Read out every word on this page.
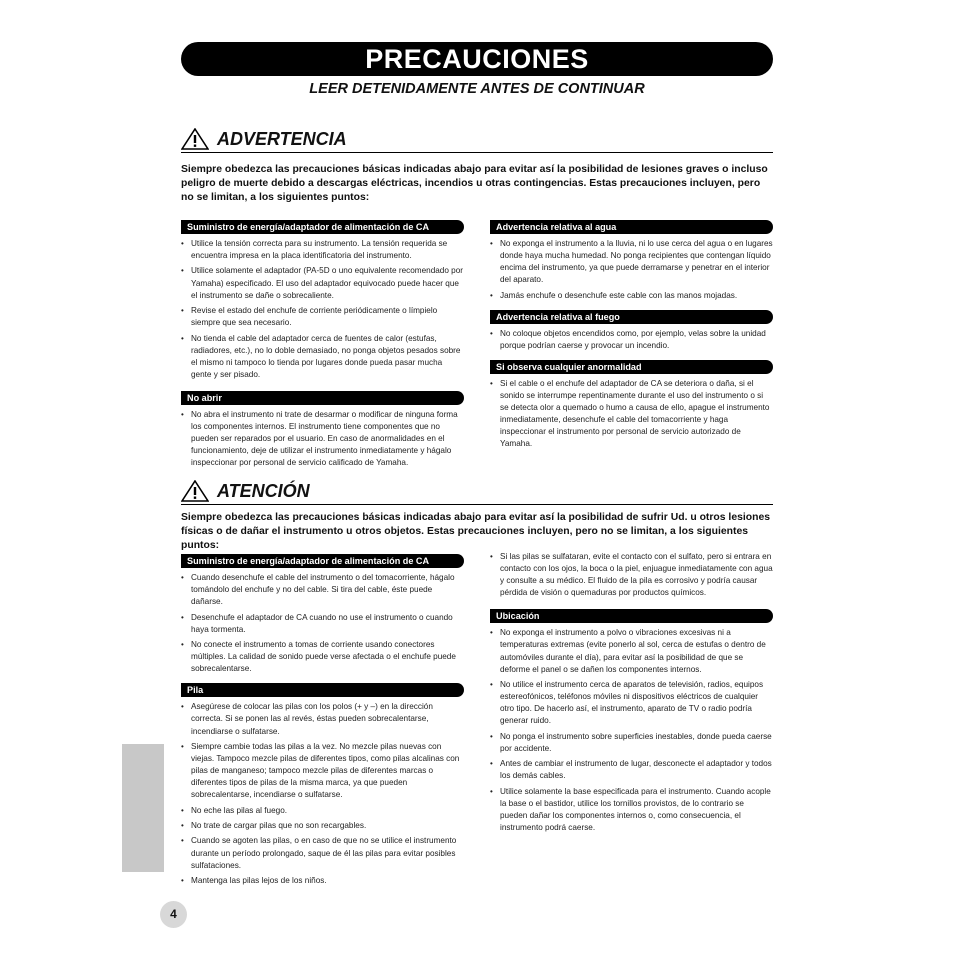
PRECAUCIONES
LEER DETENIDAMENTE ANTES DE CONTINUAR
ADVERTENCIA
Siempre obedezca las precauciones básicas indicadas abajo para evitar así la posibilidad de lesiones graves o incluso peligro de muerte debido a descargas eléctricas, incendios u otras contingencias. Estas precauciones incluyen, pero no se limitan, a los siguientes puntos:
Suministro de energía/adaptador de alimentación de CA
• Utilice la tensión correcta para su instrumento. La tensión requerida se encuentra impresa en la placa identificatoria del instrumento.
• Utilice solamente el adaptador (PA-5D o uno equivalente recomendado por Yamaha) especificado. El uso del adaptador equivocado puede hacer que el instrumento se dañe o sobrecaliente.
• Revise el estado del enchufe de corriente periódicamente o límpielo siempre que sea necesario.
• No tienda el cable del adaptador cerca de fuentes de calor (estufas, radiadores, etc.), no lo doble demasiado, no ponga objetos pesados sobre el mismo ni tampoco lo tienda por lugares donde pueda pasar mucha gente y ser pisado.
No abrir
• No abra el instrumento ni trate de desarmar o modificar de ninguna forma los componentes internos. El instrumento tiene componentes que no pueden ser reparados por el usuario. En caso de anormalidades en el funcionamiento, deje de utilizar el instrumento inmediatamente y hágalo inspeccionar por personal de servicio calificado de Yamaha.
Advertencia relativa al agua
• No exponga el instrumento a la lluvia, ni lo use cerca del agua o en lugares donde haya mucha humedad. No ponga recipientes que contengan líquido encima del instrumento, ya que puede derramarse y penetrar en el interior del aparato.
• Jamás enchufe o desenchufe este cable con las manos mojadas.
Advertencia relativa al fuego
• No coloque objetos encendidos como, por ejemplo, velas sobre la unidad porque podrían caerse y provocar un incendio.
Si observa cualquier anormalidad
• Si el cable o el enchufe del adaptador de CA se deteriora o daña, si el sonido se interrumpe repentinamente durante el uso del instrumento o si se detecta olor a quemado o humo a causa de ello, apague el instrumento inmediatamente, desenchufe el cable del tomacorriente y haga inspeccionar el instrumento por personal de servicio autorizado de Yamaha.
ATENCIÓN
Siempre obedezca las precauciones básicas indicadas abajo para evitar así la posibilidad de sufrir Ud. u otros lesiones físicas o de dañar el instrumento u otros objetos. Estas precauciones incluyen, pero no se limitan, a los siguientes puntos:
Suministro de energía/adaptador de alimentación de CA
• Cuando desenchufe el cable del instrumento o del tomacorriente, hágalo tomándolo del enchufe y no del cable. Si tira del cable, éste puede dañarse.
• Desenchufe el adaptador de CA cuando no use el instrumento o cuando haya tormenta.
• No conecte el instrumento a tomas de corriente usando conectores múltiples. La calidad de sonido puede verse afectada o el enchufe puede sobrecalentarse.
Pila
• Asegúrese de colocar las pilas con los polos (+ y –) en la dirección correcta. Si se ponen las al revés, éstas pueden sobrecalentarse, incendiarse o sulfatarse.
• Siempre cambie todas las pilas a la vez. No mezcle pilas nuevas con viejas. Tampoco mezcle pilas de diferentes tipos, como pilas alcalinas con pilas de manganeso; tampoco mezcle pilas de diferentes marcas o diferentes tipos de pilas de la misma marca, ya que pueden sobrecalentarse, incendiarse o sulfatarse.
• No eche las pilas al fuego.
• No trate de cargar pilas que no son recargables.
• Cuando se agoten las pilas, o en caso de que no se utilice el instrumento durante un período prolongado, saque de él las pilas para evitar posibles sulfataciones.
• Mantenga las pilas lejos de los niños.
• Si las pilas se sulfataran, evite el contacto con el sulfato, pero si entrara en contacto con los ojos, la boca o la piel, enjuague inmediatamente con agua y consulte a su médico. El fluido de la pila es corrosivo y podría causar pérdida de visión o quemaduras por productos químicos.
Ubicación
• No exponga el instrumento a polvo o vibraciones excesivas ni a temperaturas extremas (evite ponerlo al sol, cerca de estufas o dentro de automóviles durante el día), para evitar así la posibilidad de que se deforme el panel o se dañen los componentes internos.
• No utilice el instrumento cerca de aparatos de televisión, radios, equipos estereofónicos, teléfonos móviles ni dispositivos eléctricos de cualquier otro tipo. De hacerlo así, el instrumento, aparato de TV o radio podría generar ruido.
• No ponga el instrumento sobre superficies inestables, donde pueda caerse por accidente.
• Antes de cambiar el instrumento de lugar, desconecte el adaptador y todos los demás cables.
• Utilice solamente la base especificada para el instrumento. Cuando acople la base o el bastidor, utilice los tornillos provistos, de lo contrario se pueden dañar los componentes internos o, como consecuencia, el instrumento podrá caerse.
4
